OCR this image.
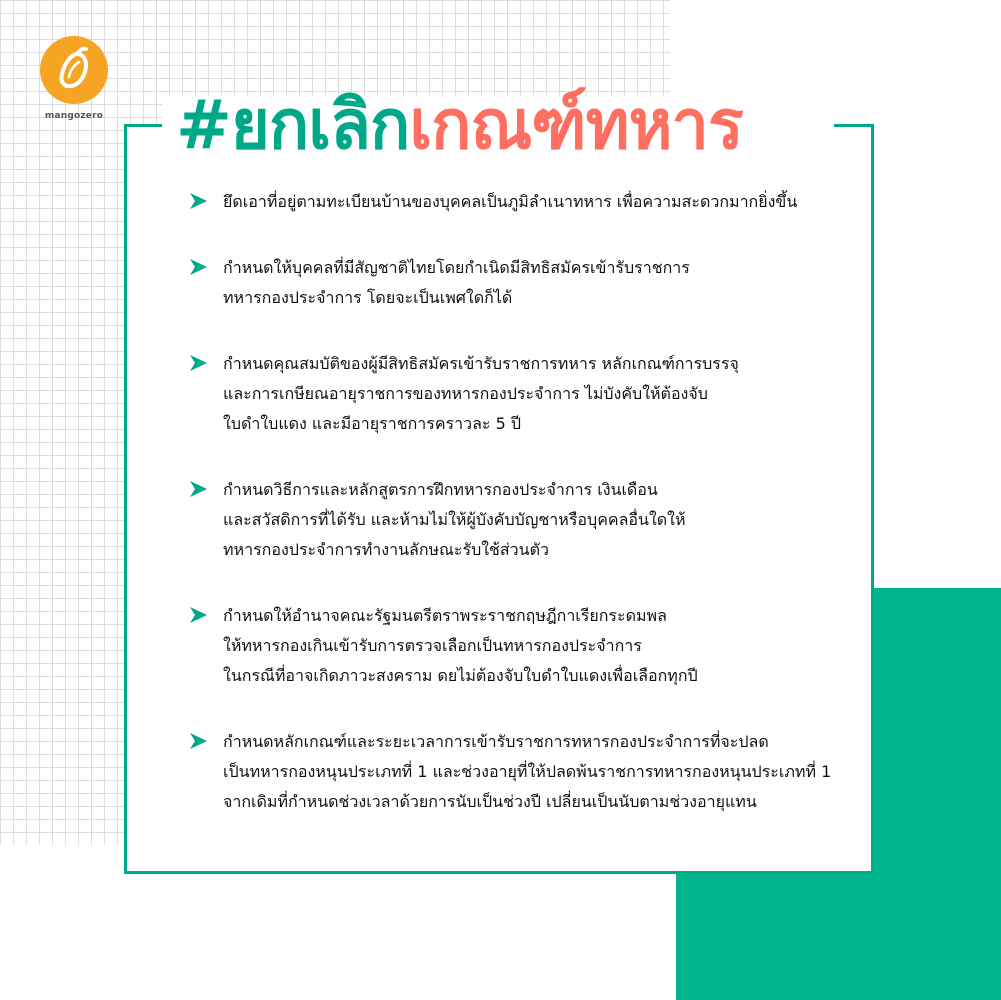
#ยกเลิกเกณฑ์ทหาร
mangozero
ยึดเอาที่อยู่ตามทะเบียนบ้านของบุคคลเป็นภูมิลำเนาทหาร เพื่อความสะดวกมากยิ่งขึ้น
กำหนดให้บุคคลที่มีสัญชาติไทยโดยกำเนิดมีสิทธิสมัครเข้ารับราชการ
ทหารกองประจำการ โดยจะเป็นเพศใดก็ได้
กำหนดคุณสมบัติของผู้มีสิทธิสมัครเข้ารับราชการทหาร หลักเกณฑ์การบรรจุ
และการเกษียณอายุราชการของทหารกองประจำการ ไม่บังคับให้ต้องจับ
ใบดำใบแดง และมีอายุราชการคราวละ 5 ปี
กำหนดวิธีการและหลักสูตรการฝึกทหารกองประจำการ เงินเดือน
และสวัสดิการที่ได้รับ และห้ามไม่ให้ผู้บังคับบัญชาหรือบุคคลอื่นใดให้
ทหารกองประจำการทำงานลักษณะรับใช้ส่วนตัว
กำหนดให้อำนาจคณะรัฐมนตรีตราพระราชกฤษฎีกาเรียกระดมพล
ให้ทหารกองเกินเข้ารับการตรวจเลือกเป็นทหารกองประจำการ
ในกรณีที่อาจเกิดภาวะสงคราม ดยไม่ต้องจับใบดำใบแดงเพื่อเลือกทุกปี
กำหนดหลักเกณฑ์และระยะเวลาการเข้ารับราชการทหารกองประจำการที่จะปลด
เป็นทหารกองหนุนประเภทที่ 1 และช่วงอายุที่ให้ปลดพ้นราชการทหารกองหนุนประเภทที่ 1
จากเดิมที่กำหนดช่วงเวลาด้วยการนับเป็นช่วงปี เปลี่ยนเป็นนับตามช่วงอายุแทน
